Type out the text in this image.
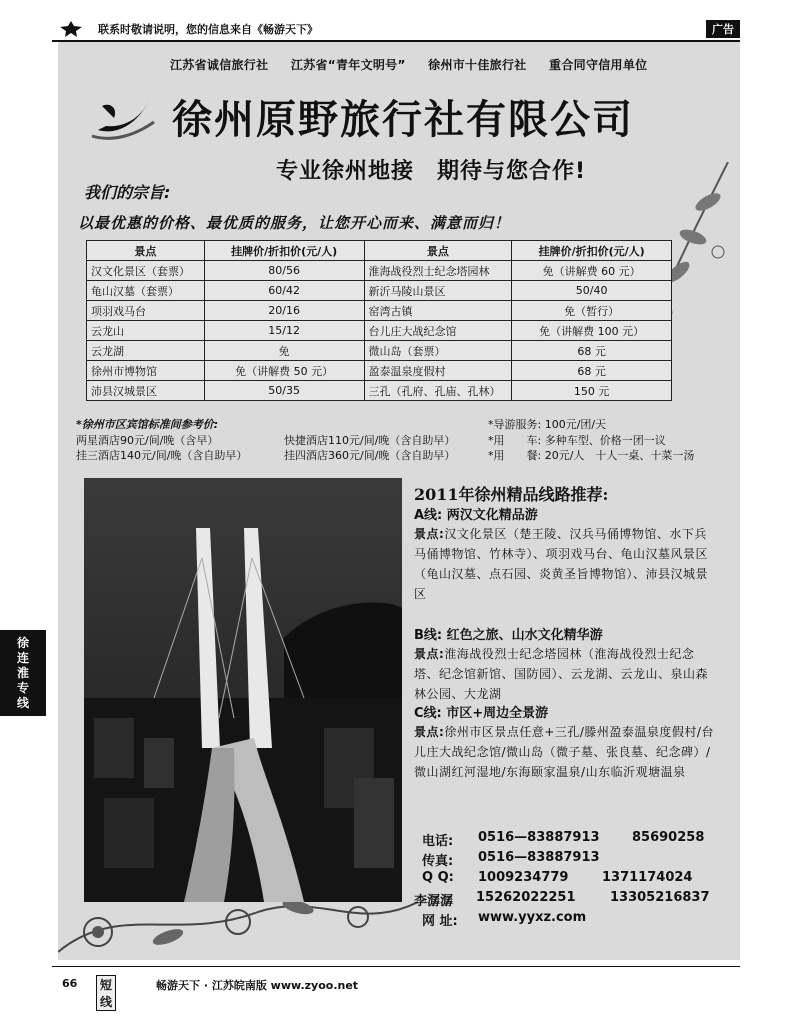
联系时敬请说明，您的信息来自《畅游天下》	广告
江苏省诚信旅行社 江苏省“青年文明号” 徐州市十佳旅行社 重合同守信用单位
徐州原野旅行社有限公司
专业徐州地接　期待与您合作!
我们的宗旨:
以最优惠的价格、最优质的服务，让您开心而来、满意而归！
景点	挂牌价/折扣价(元/人)	景点	挂牌价/折扣价(元/人)
汉文化景区（套票）	80/56	淮海战役烈士纪念塔园林	免（讲解费 60 元）
龟山汉墓（套票）	60/42	新沂马陵山景区	50/40
项羽戏马台	20/16	窑湾古镇	免（暂行）
云龙山	15/12	台儿庄大战纪念馆	免（讲解费 100 元）
云龙湖	免	微山岛（套票）	68 元
徐州市博物馆	免（讲解费 50 元）	盈泰温泉度假村	68 元
沛县汉城景区	50/35	三孔（孔府、孔庙、孔林）	150 元
*徐州市区宾馆标准间参考价:
两星酒店90元/间/晚（含早）	快捷酒店110元/间/晚（含自助早）
挂三酒店140元/间/晚（含自助早）	挂四酒店360元/间/晚（含自助早）
*导游服务: 100元/团/天
*用　　车: 多种车型、价格一团一议
*用　　餐: 20元/人　十人一桌、十菜一汤
2011年徐州精品线路推荐:
A线: 两汉文化精品游
景点:汉文化景区（楚王陵、汉兵马俑博物馆、水下兵马俑博物馆、竹林寺）、项羽戏马台、龟山汉墓风景区（龟山汉墓、点石园、炎黄圣旨博物馆）、沛县汉城景区
B线: 红色之旅、山水文化精华游
景点:淮海战役烈士纪念塔园林（淮海战役烈士纪念塔、纪念馆新馆、国防园）、云龙湖、云龙山、泉山森林公园、大龙湖
C线: 市区+周边全景游
景点:徐州市区景点任意+三孔/滕州盈泰温泉度假村/台儿庄大战纪念馆/微山岛（微子墓、张良墓、纪念碑）/微山湖红河湿地/东海颐家温泉/山东临沂观塘温泉
电话: 0516—83887913 85690258
传真: 0516—83887913
Q Q: 1009234779	1371174024
李潺潺 15262022251	13305216837
网 址: www.yyxz.com
徐
连
淮
专
线
66	短线
畅游天下 · 江苏皖南版 www.zyoo.net
